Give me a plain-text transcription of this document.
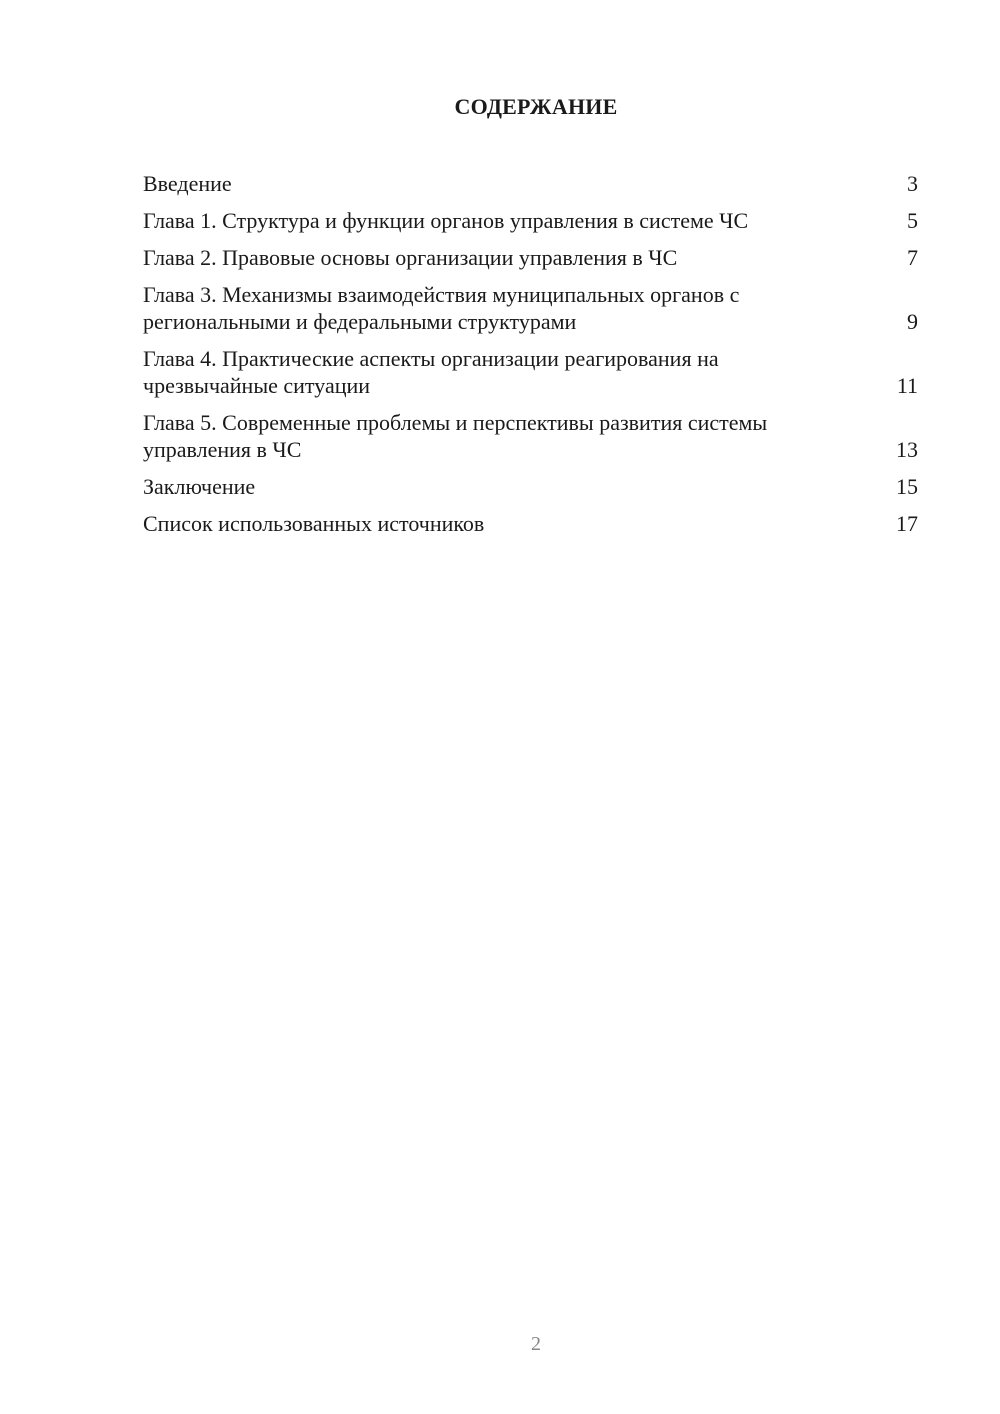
СОДЕРЖАНИЕ
Введение	3
Глава 1. Структура и функции органов управления в системе ЧС	5
Глава 2. Правовые основы организации управления в ЧС	7
Глава 3. Механизмы взаимодействия муниципальных органов с региональными и федеральными структурами	9
Глава 4. Практические аспекты организации реагирования на чрезвычайные ситуации	11
Глава 5. Современные проблемы и перспективы развития системы управления в ЧС	13
Заключение	15
Список использованных источников	17
2
